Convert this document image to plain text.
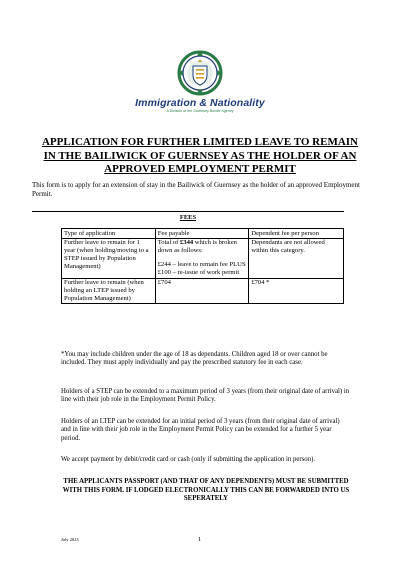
Immigration & Nationality
A Division of the Guernsey Border Agency
APPLICATION FOR FURTHER LIMITED LEAVE TO REMAIN IN THE BAILIWICK OF GUERNSEY AS THE HOLDER OF AN APPROVED EMPLOYMENT PERMIT
This form is to apply for an extension of stay in the Bailiwick of Guernsey as the holder of an approved Employment Permit.
FEES
Type of application	Fee payable	Dependent fee per person
Further leave to remain for 1 year (when holding/moving to a STEP issued by Population Management)	Total of £344 which is broken down as follows:
£244 – leave to remain fee PLUS
£100 – re-issue of work permit	Dependants are not allowed within this category.
Further leave to remain (when holding an LTEP issued by Population Management)	£704	£704 *
*You may include children under the age of 18 as dependants. Children aged 18 or over cannot be included. They must apply individually and pay the prescribed statutory fee in each case.
Holders of a STEP can be extended to a maximum period of 3 years (from their original date of arrival) in line with their job role in the Employment Permit Policy.
Holders of an LTEP can be extended for an initial period of 3 years (from their original date of arrival) and in line with their job role in the Employment Permit Policy can be extended for a further 5 year period.
We accept payment by debit/credit card or cash (only if submitting the application in person).
THE APPLICANTS PASSPORT (AND THAT OF ANY DEPENDENTS) MUST BE SUBMITTED WITH THIS FORM. IF LODGED ELECTRONICALLY THIS CAN BE FORWARDED INTO US SEPERATELY
July 2023	1
